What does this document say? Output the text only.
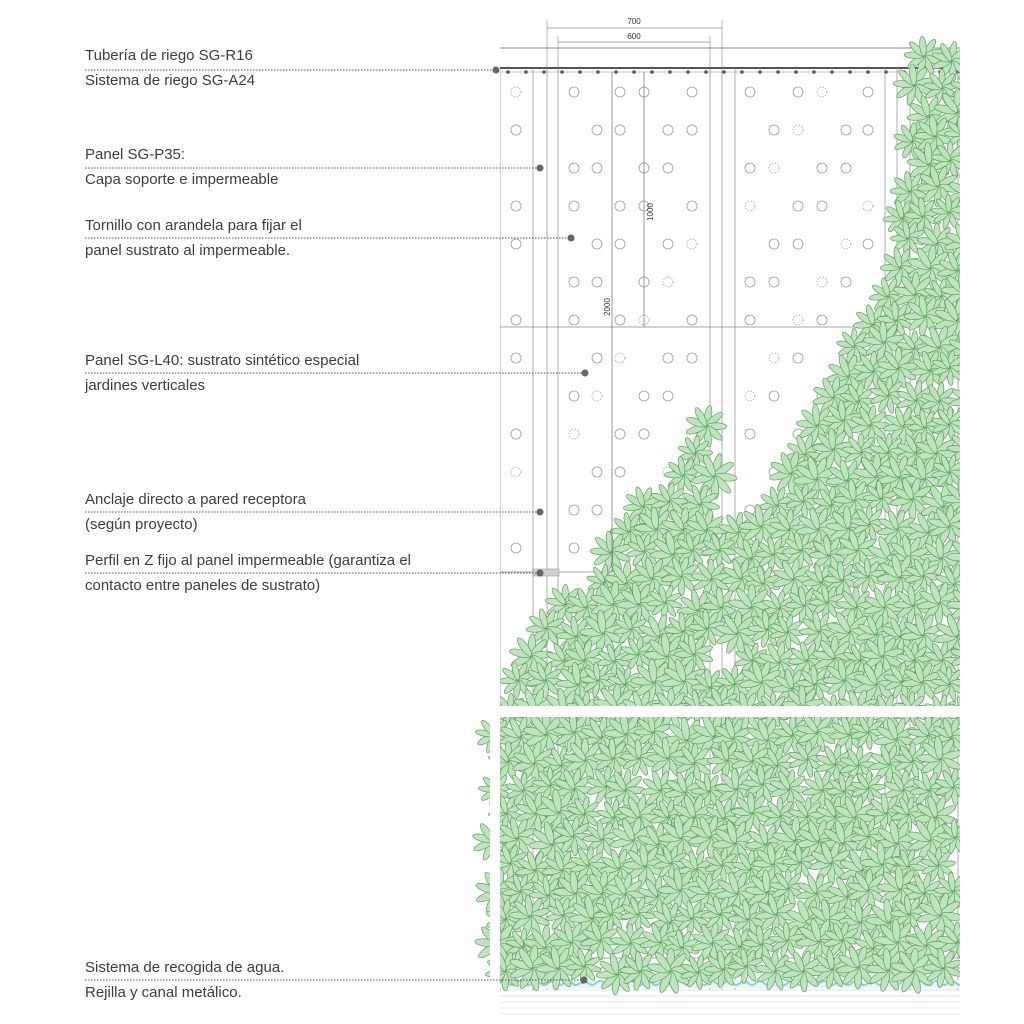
700
600
1000
2000
Tubería de riego SG-R16
Sistema de riego SG-A24
Panel SG-P35:
Capa soporte e impermeable
Tornillo con arandela para fijar el
panel sustrato al impermeable.
Panel SG-L40: sustrato sintético especial
jardines verticales
Anclaje directo a pared receptora
(según proyecto)
Perfil en Z fijo al panel impermeable (garantiza el
contacto entre paneles de sustrato)
Sistema de recogida de agua.
Rejilla y canal metálico.
